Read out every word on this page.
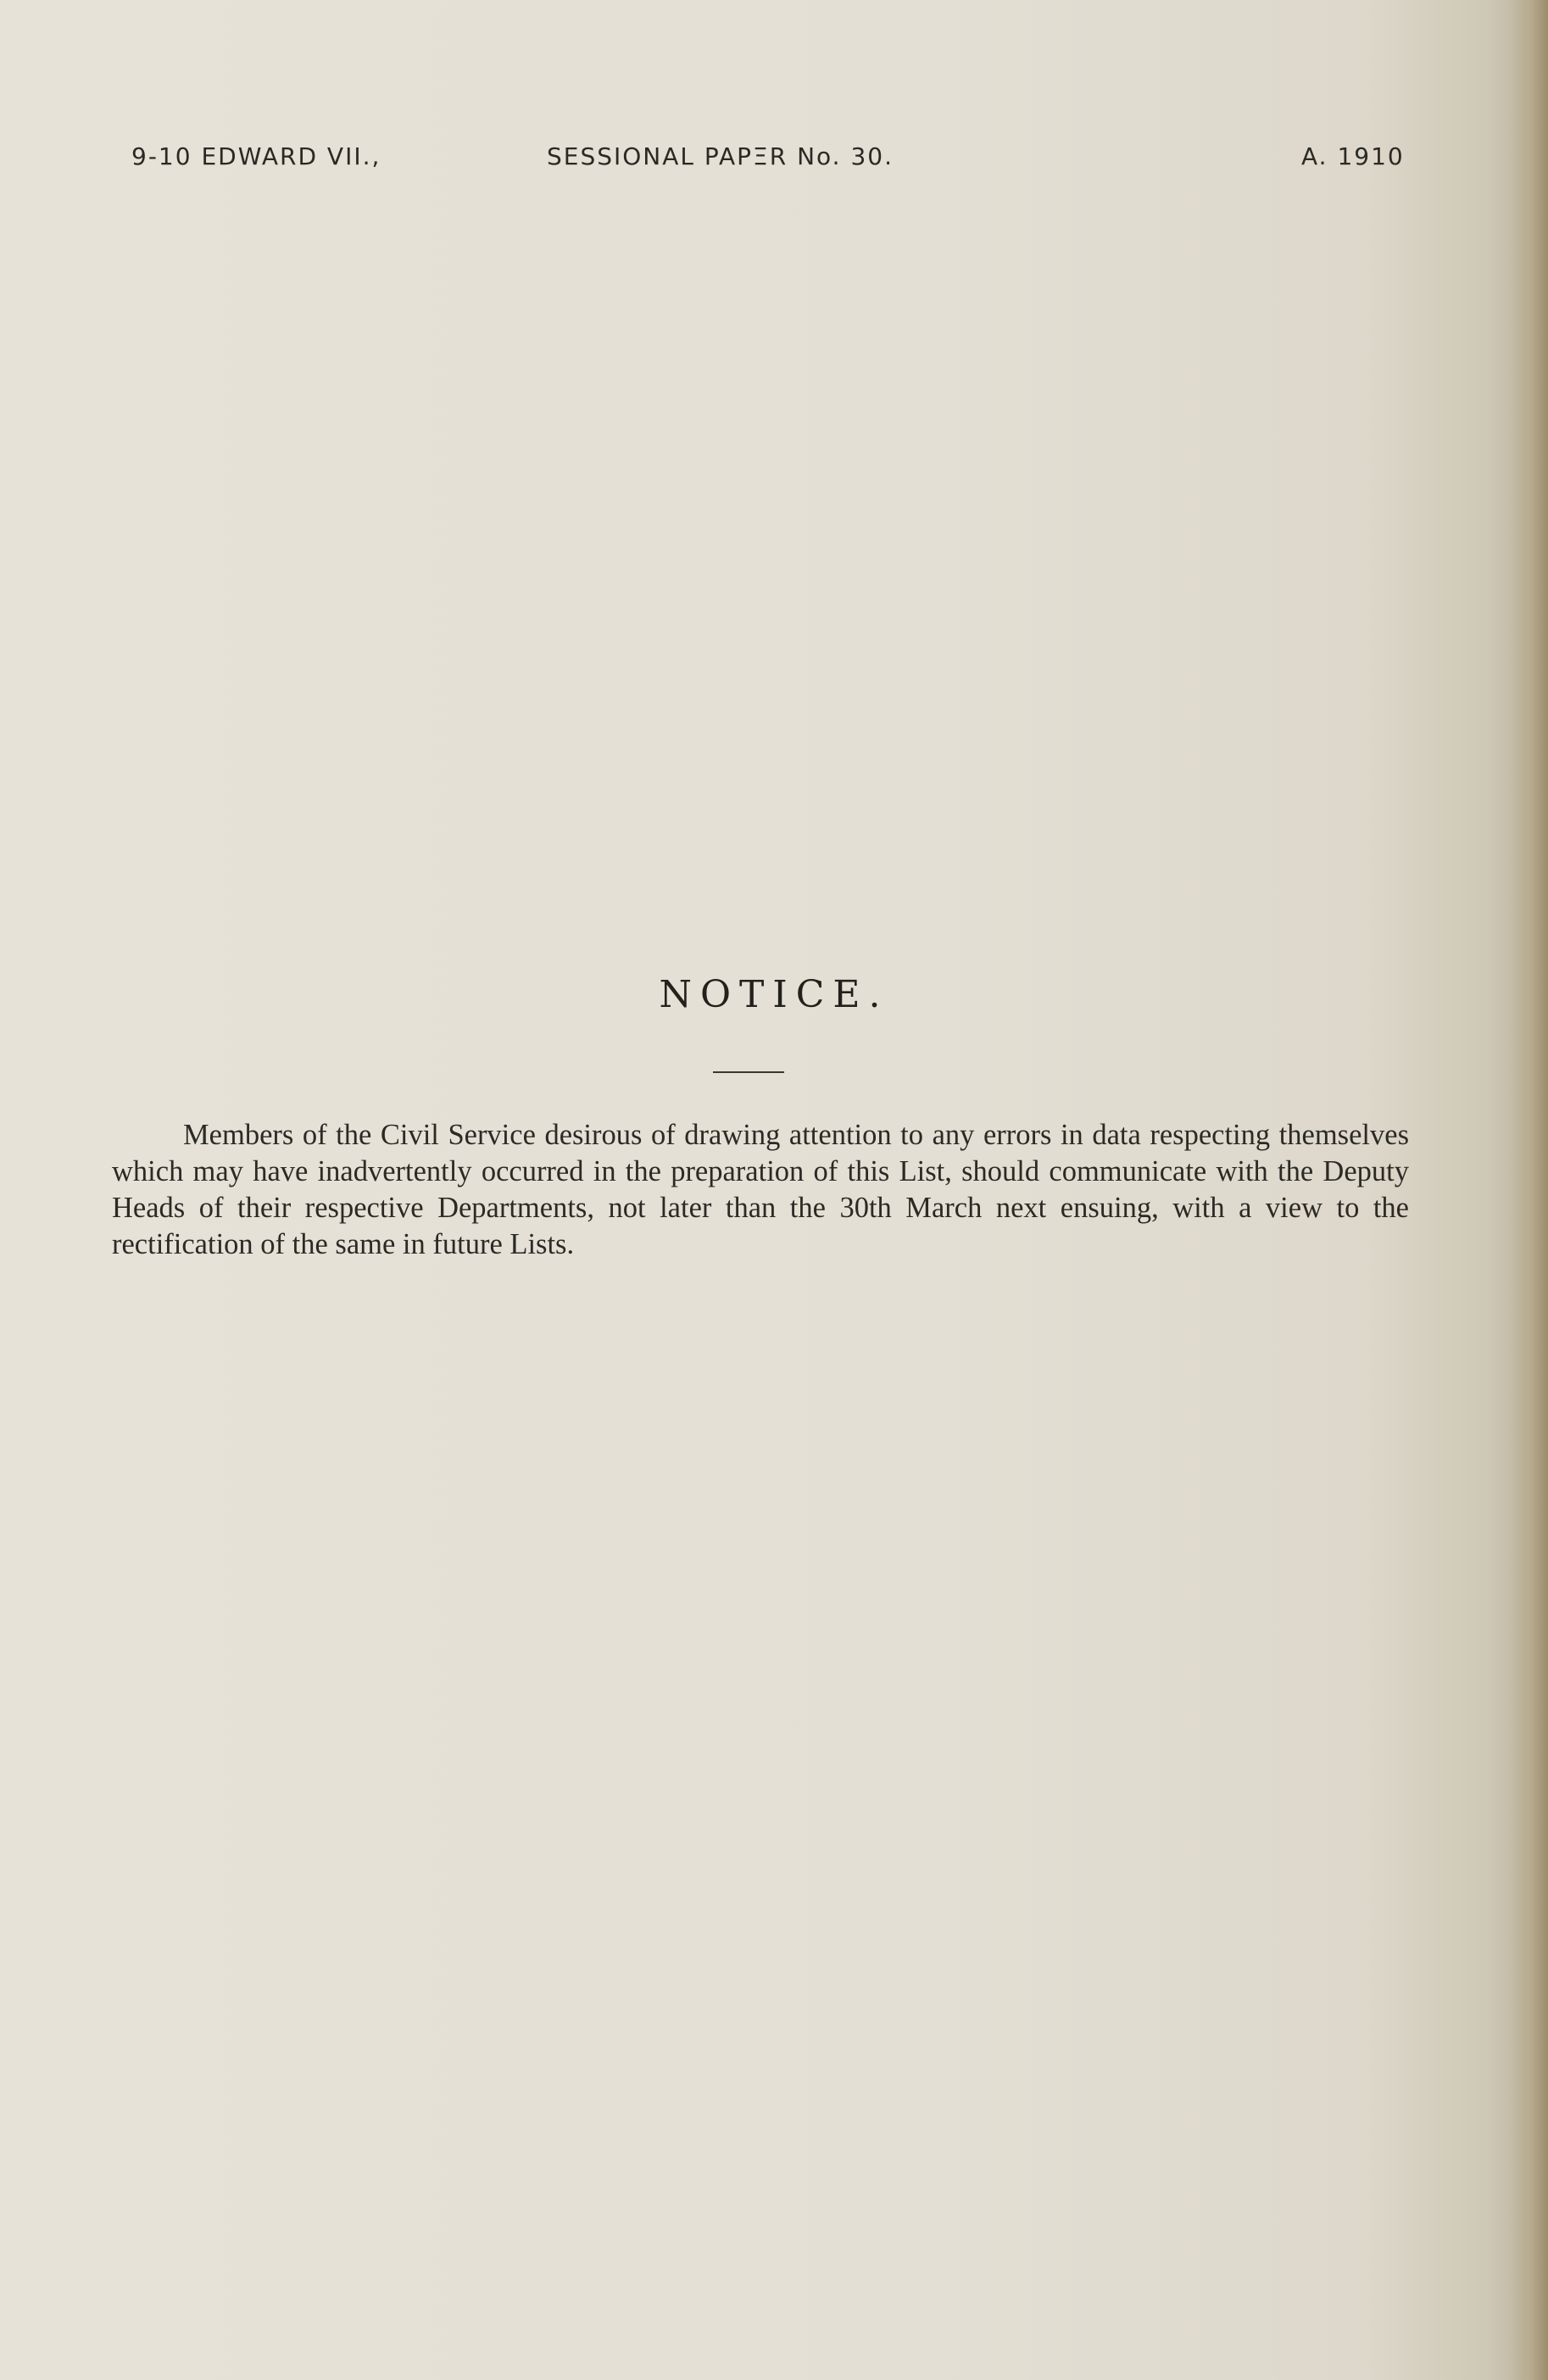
9-10 EDWARD VII.,	SESSIONAL PAPΞR No. 30.	A. 1910
NOTICE.

Members of the Civil Service desirous of drawing attention to any errors in data respecting themselves which may have inadvertently occurred in the preparation of this List, should communicate with the Deputy Heads of their respective Departments, not later than the 30th March next ensuing, with a view to the rectification of the same in future Lists.
